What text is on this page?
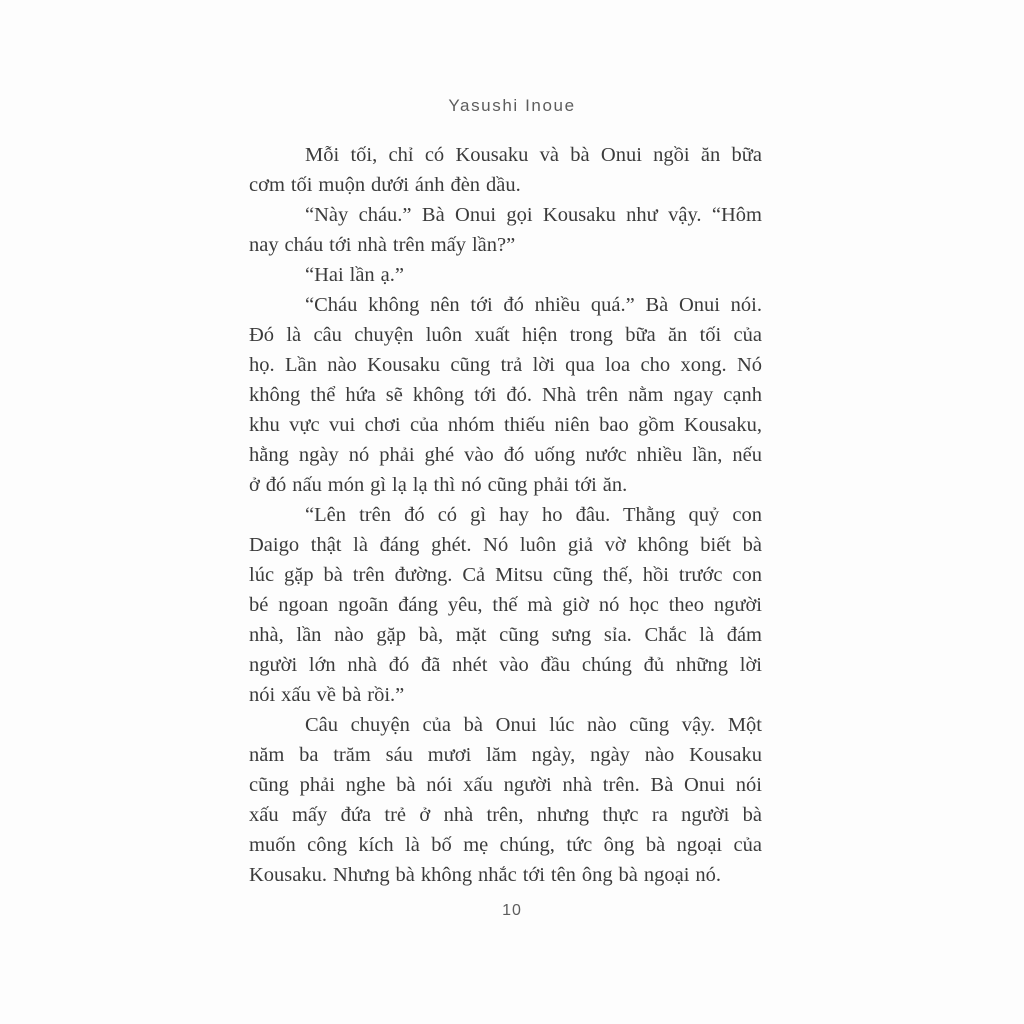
Yasushi Inoue
Mỗi tối, chỉ có Kousaku và bà Onui ngồi ăn bữa
cơm tối muộn dưới ánh đèn dầu.
“Này cháu.” Bà Onui gọi Kousaku như vậy. “Hôm
nay cháu tới nhà trên mấy lần?”
“Hai lần ạ.”
“Cháu không nên tới đó nhiều quá.” Bà Onui nói.
Đó là câu chuyện luôn xuất hiện trong bữa ăn tối của
họ. Lần nào Kousaku cũng trả lời qua loa cho xong. Nó
không thể hứa sẽ không tới đó. Nhà trên nằm ngay cạnh
khu vực vui chơi của nhóm thiếu niên bao gồm Kousaku,
hằng ngày nó phải ghé vào đó uống nước nhiều lần, nếu
ở đó nấu món gì lạ lạ thì nó cũng phải tới ăn.
“Lên trên đó có gì hay ho đâu. Thằng quỷ con
Daigo thật là đáng ghét. Nó luôn giả vờ không biết bà
lúc gặp bà trên đường. Cả Mitsu cũng thế, hồi trước con
bé ngoan ngoãn đáng yêu, thế mà giờ nó học theo người
nhà, lần nào gặp bà, mặt cũng sưng sỉa. Chắc là đám
người lớn nhà đó đã nhét vào đầu chúng đủ những lời
nói xấu về bà rồi.”
Câu chuyện của bà Onui lúc nào cũng vậy. Một
năm ba trăm sáu mươi lăm ngày, ngày nào Kousaku
cũng phải nghe bà nói xấu người nhà trên. Bà Onui nói
xấu mấy đứa trẻ ở nhà trên, nhưng thực ra người bà
muốn công kích là bố mẹ chúng, tức ông bà ngoại của
Kousaku. Nhưng bà không nhắc tới tên ông bà ngoại nó.
10
